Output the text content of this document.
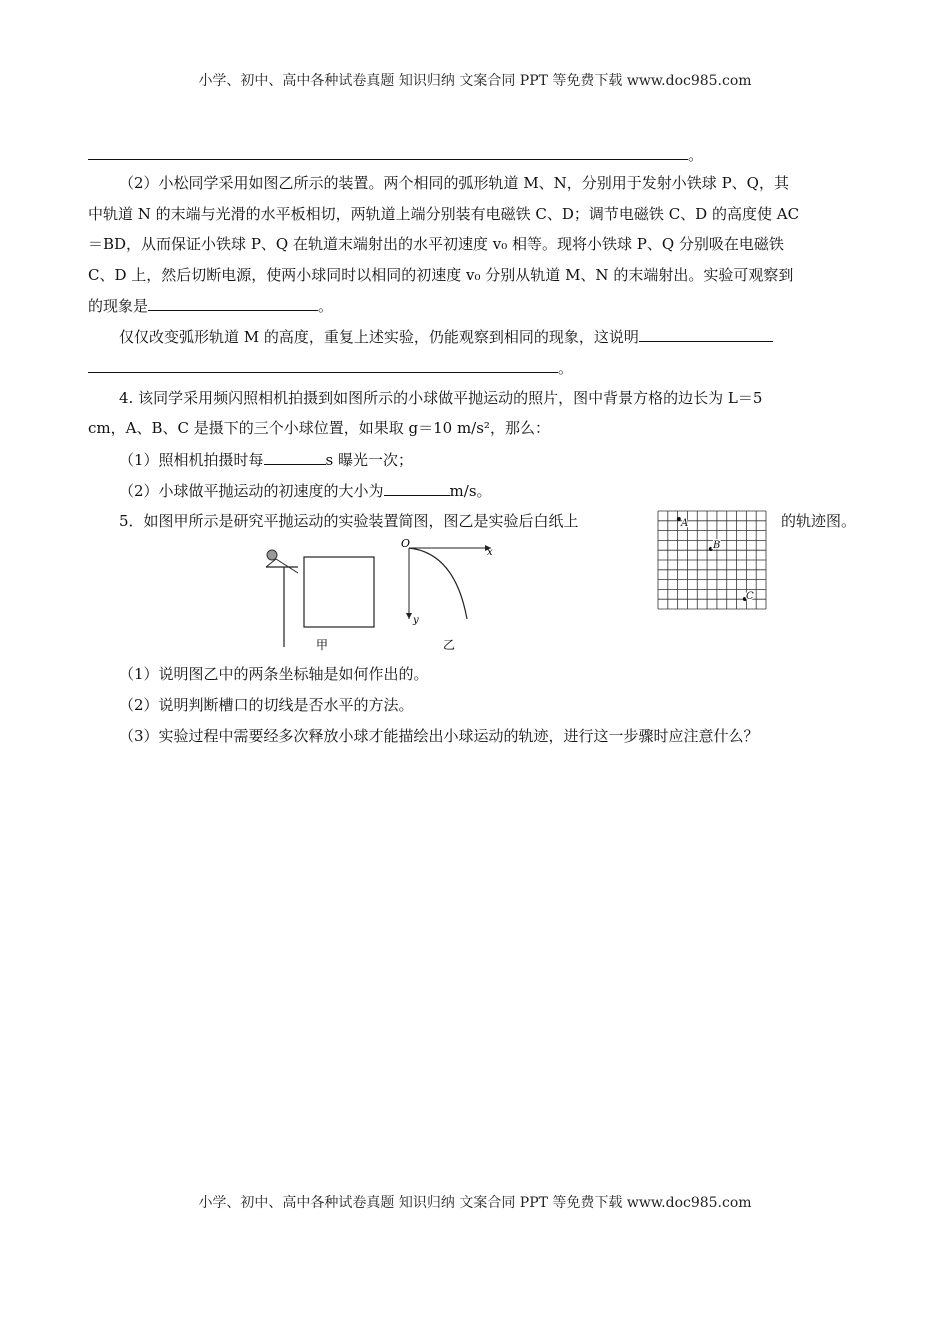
小学、初中、高中各种试卷真题 知识归纳 文案合同 PPT 等免费下载 www.doc985.com
。
（2）小松同学采用如图乙所示的装置。两个相同的弧形轨道 M、N，分别用于发射小铁球 P、Q，其
中轨道 N 的末端与光滑的水平板相切，两轨道上端分别装有电磁铁 C、D；调节电磁铁 C、D 的高度使 AC
＝BD，从而保证小铁球 P、Q 在轨道末端射出的水平初速度 v₀ 相等。现将小铁球 P、Q 分别吸在电磁铁
C、D 上，然后切断电源，使两小球同时以相同的初速度 v₀ 分别从轨道 M、N 的末端射出。实验可观察到
的现象是	。
仅仅改变弧形轨道 M 的高度，重复上述实验，仍能观察到相同的现象，这说明
。
4. 该同学采用频闪照相机拍摄到如图所示的小球做平抛运动的照片，图中背景方格的边长为 L＝5
cm，A、B、C 是摄下的三个小球位置，如果取 g＝10 m/s²，那么：
（1）照相机拍摄时每	s 曝光一次；
（2）小球做平抛运动的初速度的大小为	m/s。
5．如图甲所示是研究平抛运动的实验装置简图，图乙是实验后白纸上	的轨迹图。
甲
O
x
y
乙
A
B
C
（1）说明图乙中的两条坐标轴是如何作出的。
（2）说明判断槽口的切线是否水平的方法。
（3）实验过程中需要经多次释放小球才能描绘出小球运动的轨迹，进行这一步骤时应注意什么？
小学、初中、高中各种试卷真题 知识归纳 文案合同 PPT 等免费下载 www.doc985.com
